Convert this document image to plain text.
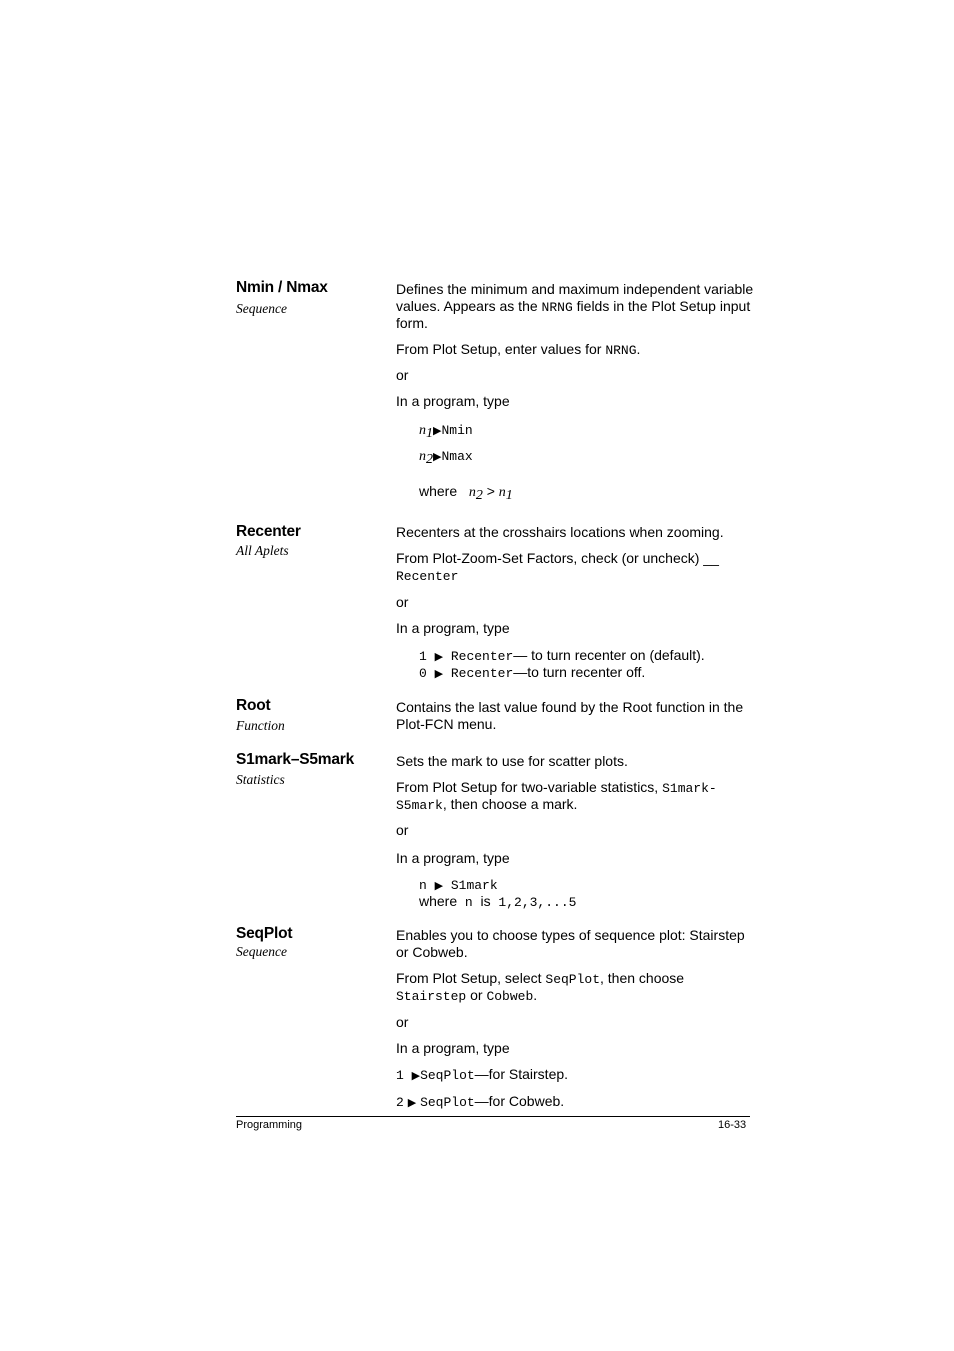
Nmin / Nmax
Sequence
Defines the minimum and maximum independent variable
values. Appears as the NRNG fields in the Plot Setup input
form.
From Plot Setup, enter values for NRNG.
or
In a program, type
$n_1▶Nmin$
$n_2▶Nmax$
where $n_2 > n_1$
Recenter
All Aplets
Recenters at the crosshairs locations when zooming.
From Plot-Zoom-Set Factors, check (or uncheck) __
Recenter
or
In a program, type
1 ▶ Recenter— to turn recenter on (default).
0 ▶ Recenter—to turn recenter off.
Root
Function
Contains the last value found by the Root function in the
Plot-FCN menu.
S1mark–S5mark
Statistics
Sets the mark to use for scatter plots.
From Plot Setup for two-variable statistics, S1mark-
S5mark, then choose a mark.
or
In a program, type
n ▶ S1mark
where n is 1,2,3,...5
SeqPlot
Sequence
Enables you to choose types of sequence plot: Stairstep
or Cobweb.
From Plot Setup, select SeqPlot, then choose
Stairstep or Cobweb.
or
In a program, type
1 ▶SeqPlot—for Stairstep.
2 ▶ SeqPlot—for Cobweb.
Programming	16-33
